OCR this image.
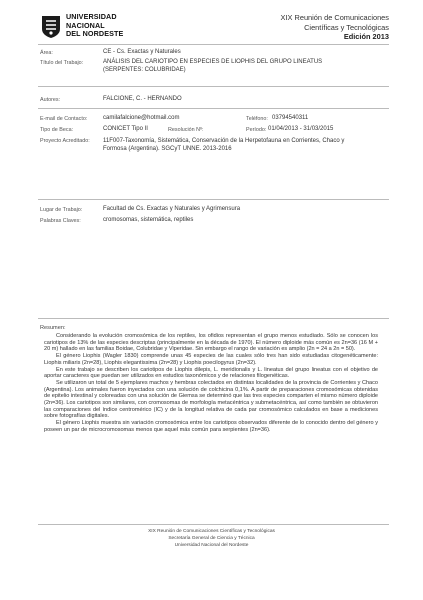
UNIVERSIDAD
NACIONAL
DEL NORDESTE
XIX Reunión de Comunicaciones
Científicas y Tecnológicas
Edición 2013
Área:	CE - Cs. Exactas y Naturales
Título del Trabajo:	ANÁLISIS DEL CARIOTIPO EN ESPECIES DE LIOPHIS DEL GRUPO LINEATUS
(SERPENTES: COLUBRIDAE)
Autores:	FALCIONE, C. - HERNANDO
E-mail de Contacto:	camilafalcione@hotmail.com	Teléfono: 03794540311
Tipo de Beca:	CONICET Tipo II	Resolución Nº:	Período: 01/04/2013 - 31/03/2015
Proyecto Acreditado: 11F007-Taxonomía, Sistemática, Conservación de la Herpetofauna en Corrientes, Chaco y
Formosa (Argentina). SGCyT UNNE. 2013-2016
Lugar de Trabajo:	Facultad de Cs. Exactas y Naturales y Agrimensura
Palabras Claves:	cromosomas, sistemática, reptiles
Resumen:

Considerando la evolución cromosómica de los reptiles, los ofidios representan el grupo menos estudiado. Sólo se conocen los cariotipos de 13% de las especies descriptas (principalmente en la década de 1970). El número diploide más común es 2n=36 (16 M + 20 m) hallado en las familias Boidae, Colubridae y Viperidae. Sin embargo el rango de variación es amplio (2n = 24 a 2n = 50).

El género Liophis (Wagler 1830) comprende unas 45 especies de las cuales sólo tres han sido estudiadas citogenéticamente: Liophis miliaris (2n=28), Liophis elegantissima (2n=28) y Liophis poecilogyrus (2n=32).

En este trabajo se describen los cariotipos de Liophis dilepis, L. meridionalis y L. lineatus del grupo lineatus con el objetivo de aportar caracteres que puedan ser utilizados en estudios taxonómicos y de relaciones filogenéticas.

Se utilizaron un total de 5 ejemplares machos y hembras colectados en distintas localidades de la provincia de Corrientes y Chaco (Argentina). Los animales fueron inyectados con una solución de colchicina 0,1%. A partir de preparaciones cromosómicas obtenidas de epitelio intestinal y coloreadas con una solución de Giemsa se determinó que las tres especies comparten el mismo número diploide (2n=36). Los cariotipos son similares, con cromosomas de morfología metacéntrica y submetacéntrica, así como también se obtuvieron las comparaciones del índice centromérico (IC) y de la longitud relativa de cada par cromosómico calculados en base a mediciones sobre fotografías digitales.

El género Liophis muestra sin variación cromosómica entre los cariotipos observados diferente de lo conocido dentro del género y poseen un par de microcromosomas menos que aquel más común para serpientes (2n=36).

XIX Reunión de Comunicaciones Científicas y Tecnológicas
Secretaría General de Ciencia y Técnica
Universidad Nacional del Nordeste
